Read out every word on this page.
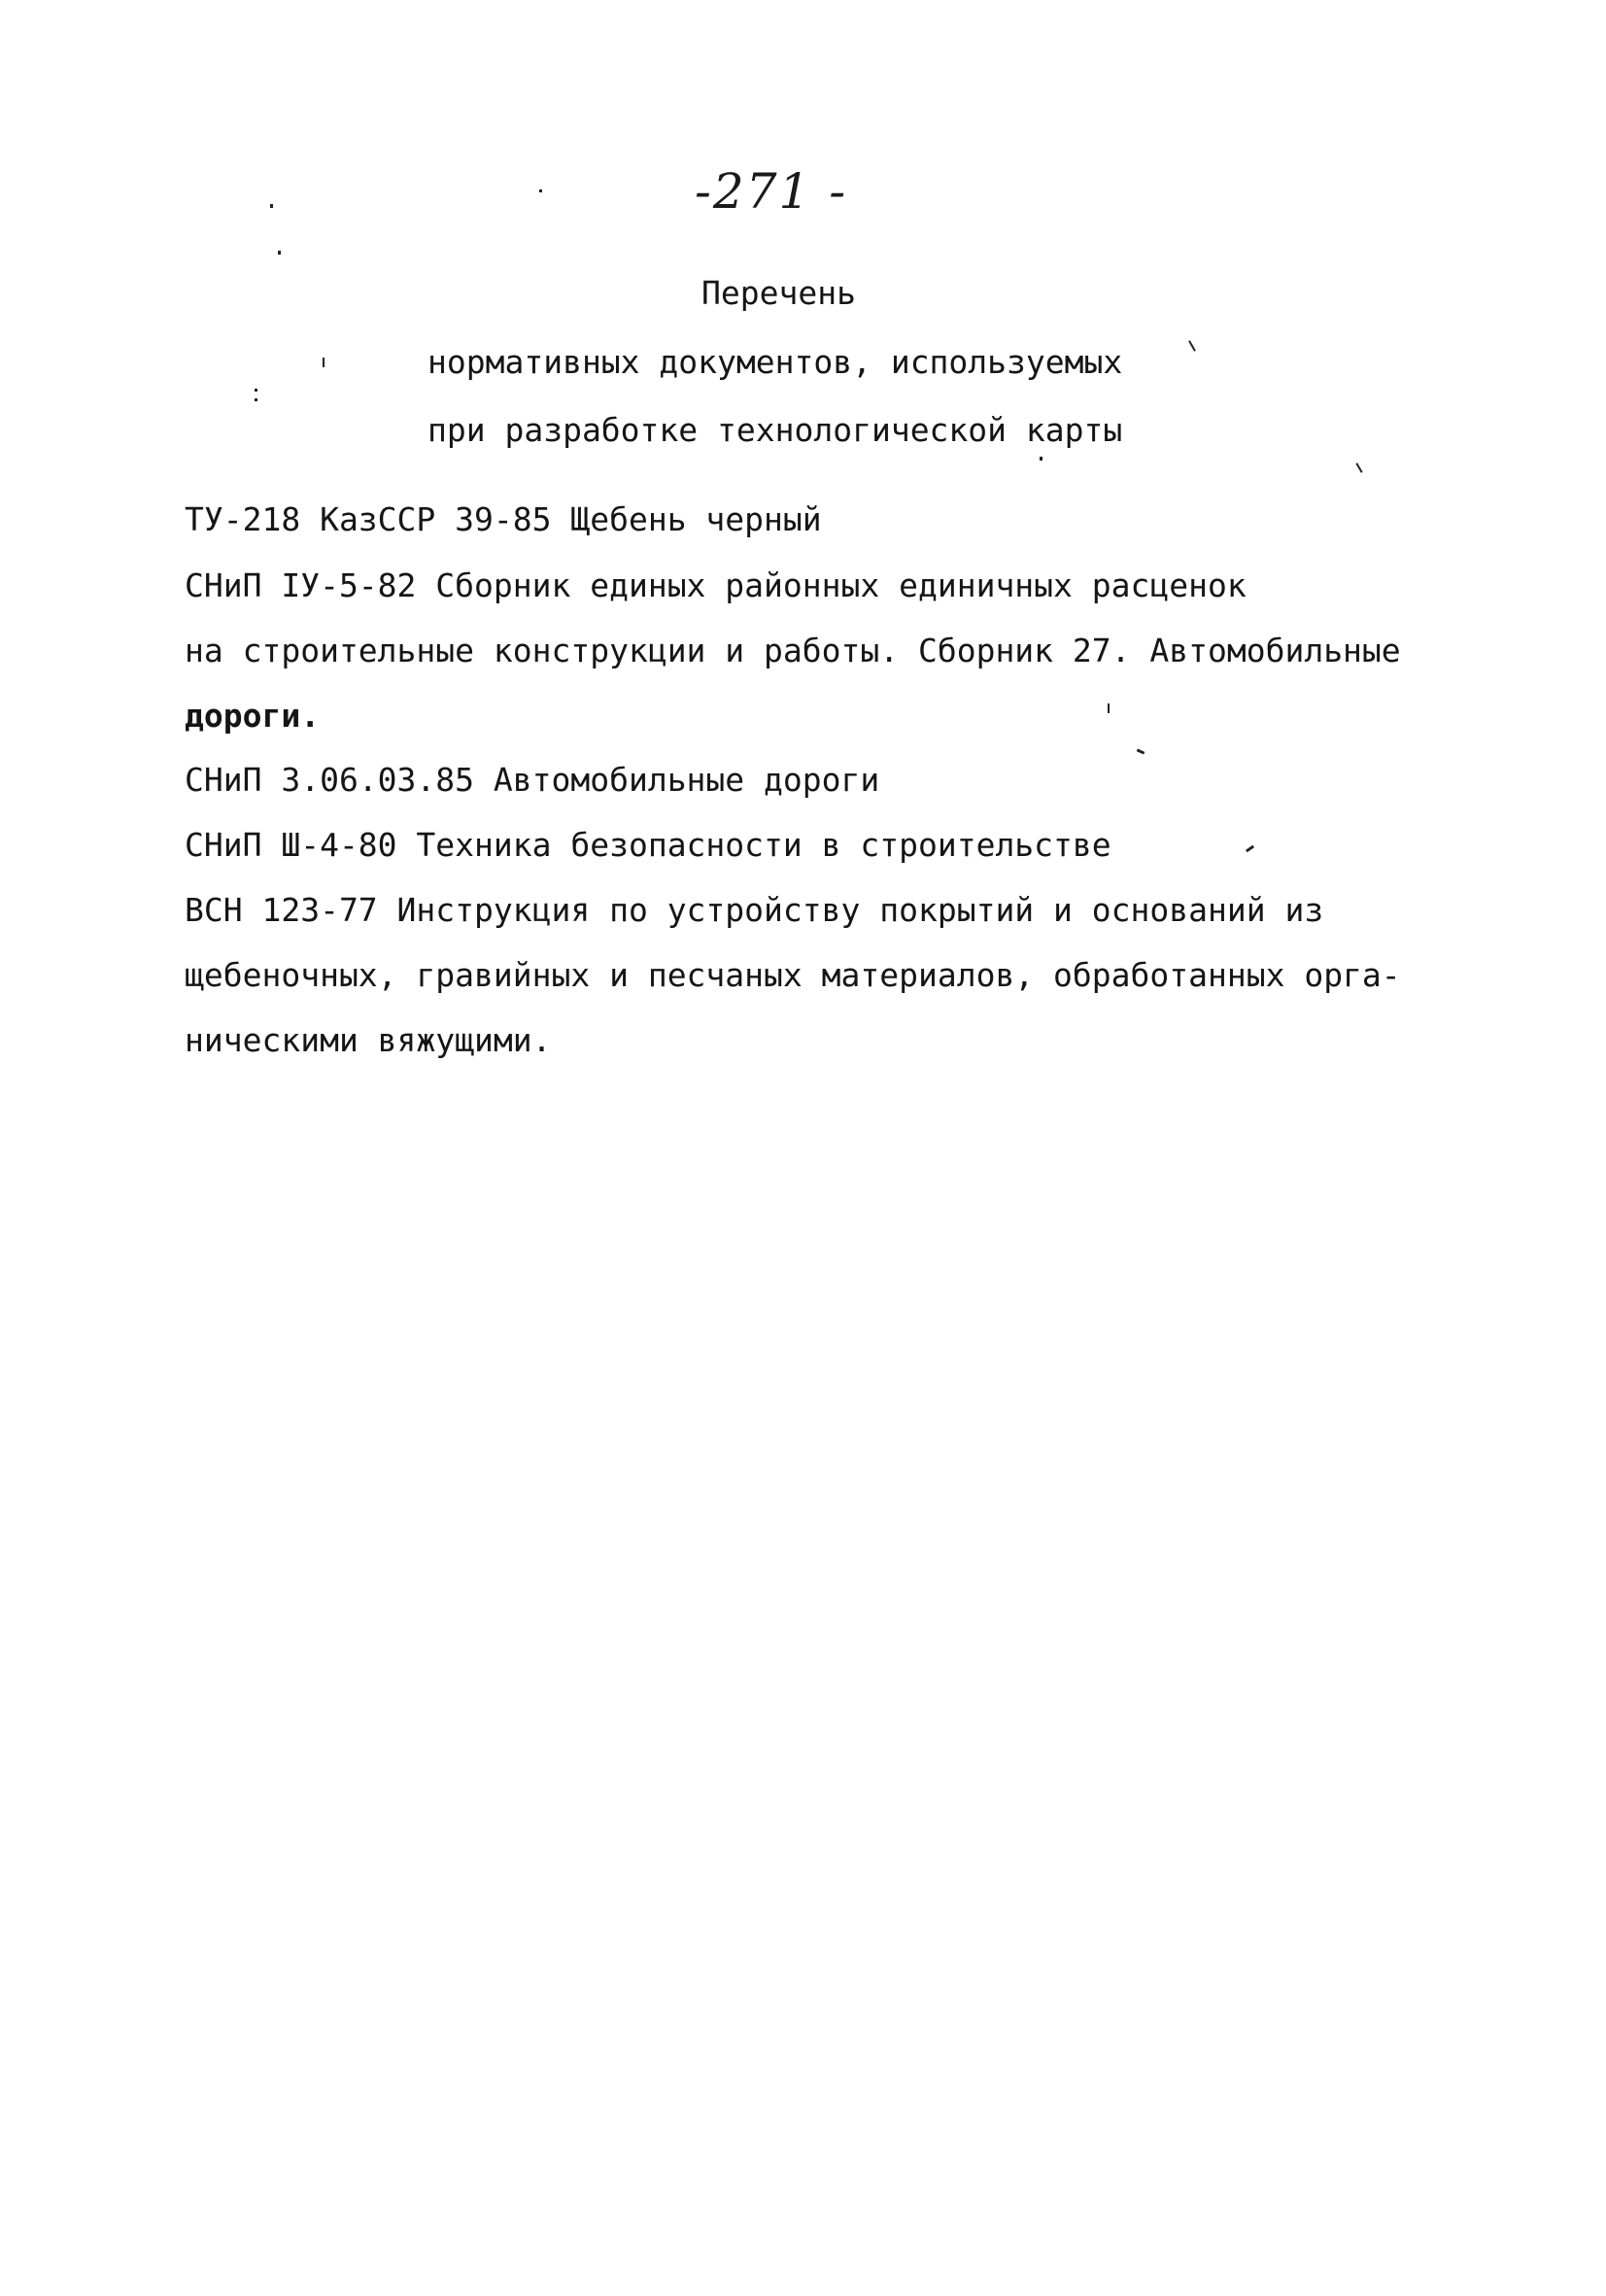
-271 -
Перечень
нормативных документов, используемых
при разработке технологической карты
ТУ-218 КазССР 39-85 Щебень черный
СНиП IУ-5-82 Сборник единых районных единичных расценок
на строительные конструкции и работы. Сборник 27. Автомобильные
дороги.
СНиП 3.06.03.85 Автомобильные дороги
СНиП Ш-4-80 Техника безопасности в строительстве
ВСН 123-77 Инструкция по устройству покрытий и оснований из
щебеночных, гравийных и песчаных материалов, обработанных орга-
ническими вяжущими.
